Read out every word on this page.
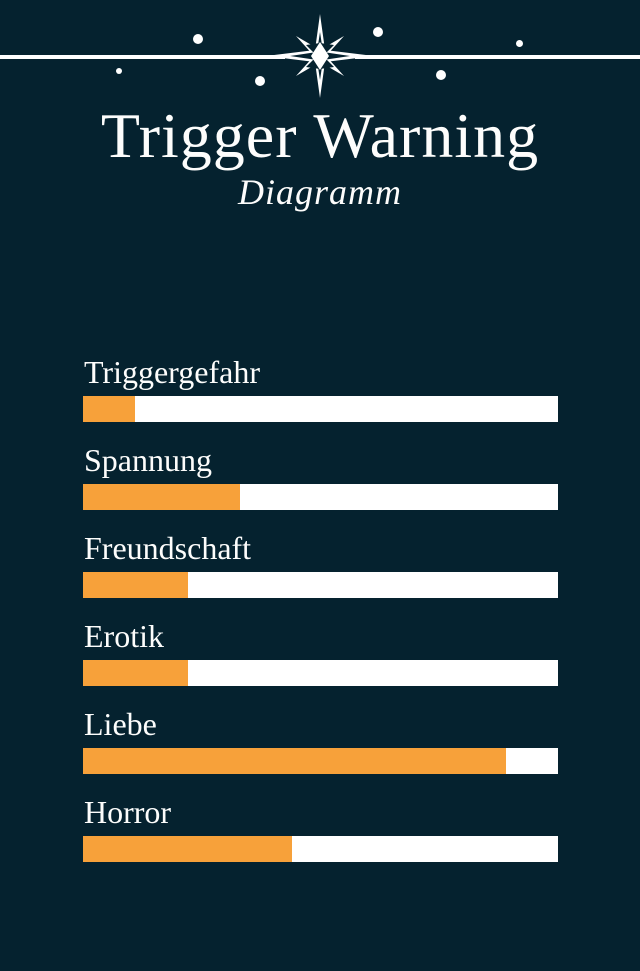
Trigger Warning
Diagramm
Triggergefahr
Spannung
Freundschaft
Erotik
Liebe
Horror
